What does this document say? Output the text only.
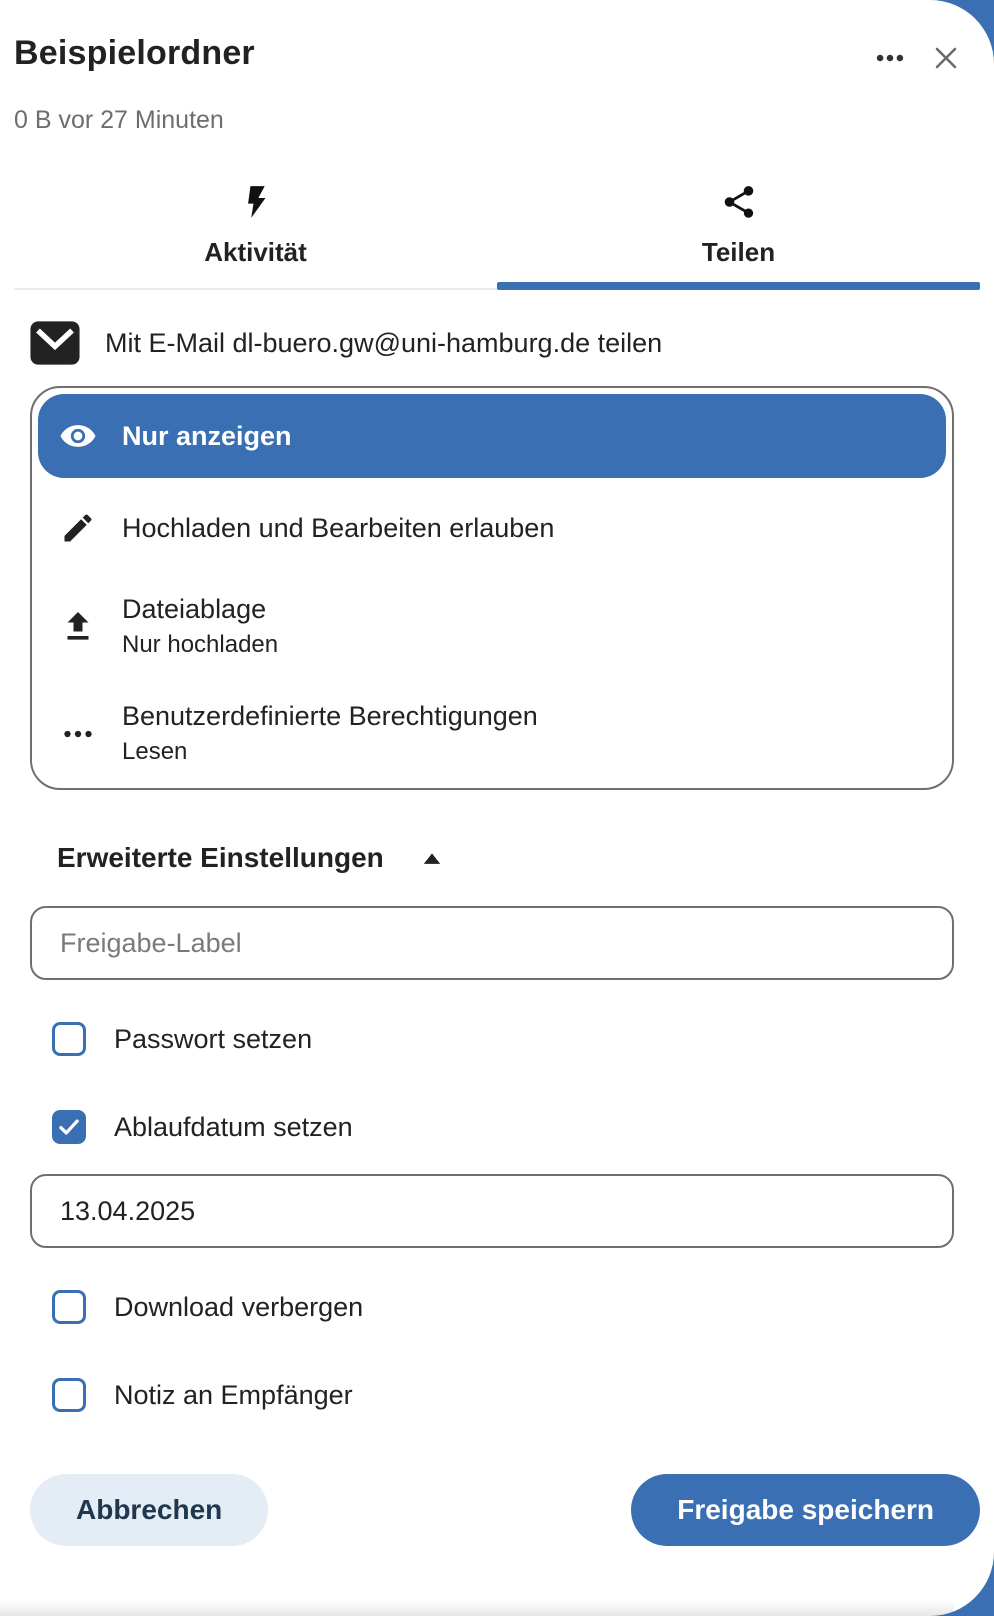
Beispielordner
0 B vor 27 Minuten
Aktivität	Teilen
Mit E-Mail dl-buero.gw@uni-hamburg.de teilen
Nur anzeigen
Hochladen und Bearbeiten erlauben
Dateiablage
Nur hochladen
Benutzerdefinierte Berechtigungen
Lesen
Erweiterte Einstellungen
Freigabe-Label
Passwort setzen
Ablaufdatum setzen
13.04.2025
Download verbergen
Notiz an Empfänger
Abbrechen	Freigabe speichern
